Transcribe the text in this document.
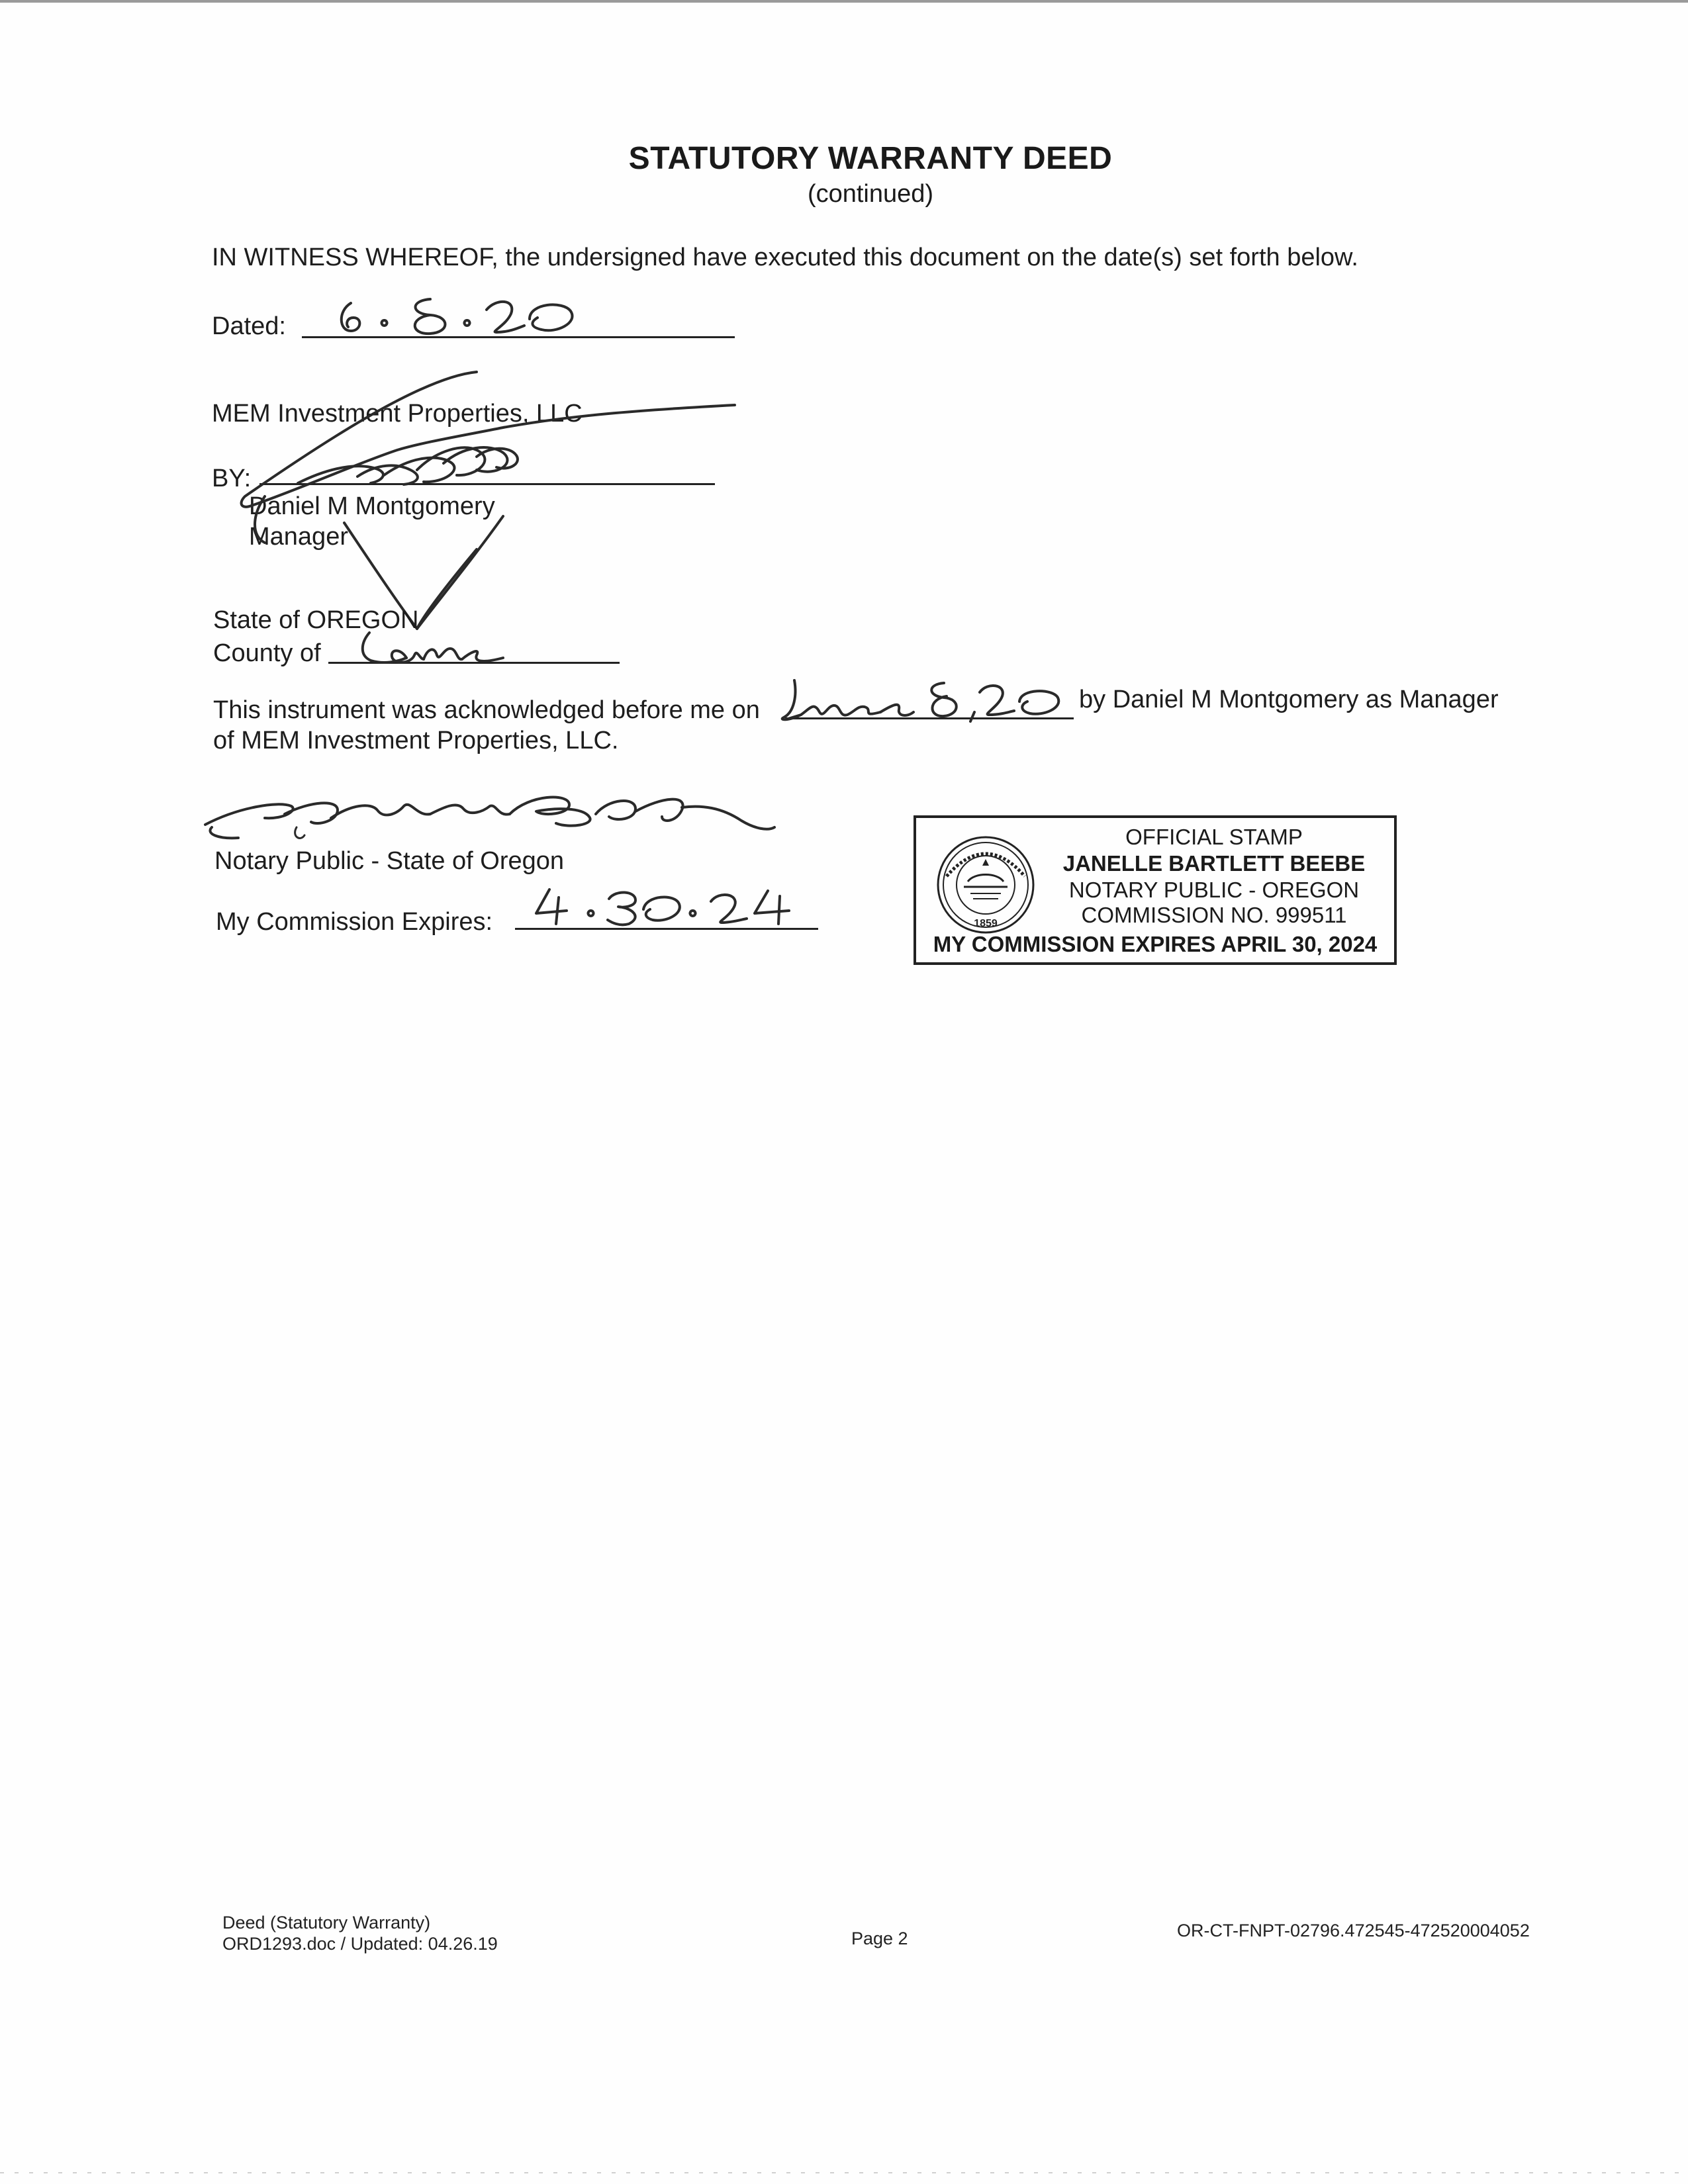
STATUTORY WARRANTY DEED
(continued)
IN WITNESS WHEREOF, the undersigned have executed this document on the date(s) set forth below.
Dated:
MEM Investment Properties, LLC
BY:
Daniel M Montgomery
Manager
State of OREGON
County of
This instrument was acknowledged before me on	by Daniel M Montgomery as Manager
of MEM Investment Properties, LLC.
Notary Public - State of Oregon
My Commission Expires:	1859
OFFICIAL STAMP
JANELLE BARTLETT BEEBE
NOTARY PUBLIC - OREGON
COMMISSION NO. 999511
MY COMMISSION EXPIRES APRIL 30, 2024
Deed (Statutory Warranty)
ORD1293.doc / Updated: 04.26.19	Page 2	OR-CT-FNPT-02796.472545-472520004052
